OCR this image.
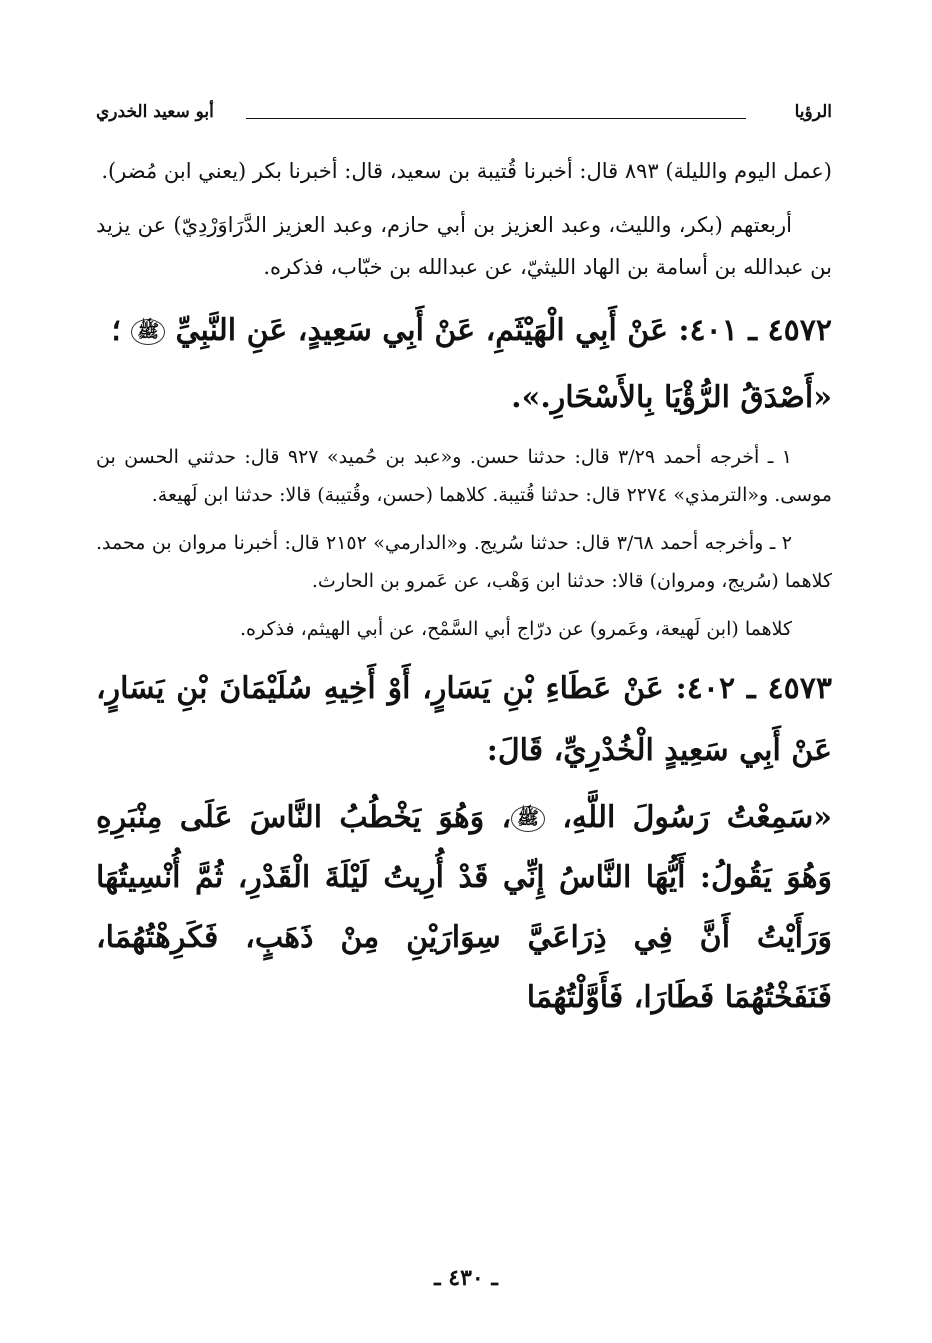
الرؤيا
أبو سعيد الخدري

(عمل اليوم والليلة) ٨٩٣ قال: أخبرنا قُتيبة بن سعيد، قال: أخبرنا بكر (يعني ابن مُضر).

أربعتهم (بكر، والليث، وعبد العزيز بن أبي حازم، وعبد العزيز الدَّرَاوَرْدِيّ) عن يزيد بن عبدالله بن أسامة بن الهاد الليثيّ، عن عبدالله بن خبّاب، فذكره.

٤٥٧٢ ـ ٤٠١: عَنْ أَبِي الْهَيْثَمِ، عَنْ أَبِي سَعِيدٍ، عَنِ النَّبِيِّ ﷺ ؛
«أَصْدَقُ الرُّؤْيَا بِالأَسْحَارِ.».

١ ـ أخرجه أحمد ٣/٢٩ قال: حدثنا حسن. و«عبد بن حُميد» ٩٢٧ قال: حدثني الحسن بن موسى. و«الترمذي» ٢٢٧٤ قال: حدثنا قُتيبة. كلاهما (حسن، وقُتيبة) قالا: حدثنا ابن لَهيعة.

٢ ـ وأخرجه أحمد ٣/٦٨ قال: حدثنا سُريج. و«الدارمي» ٢١٥٢ قال: أخبرنا مروان بن محمد. كلاهما (سُريج، ومروان) قالا: حدثنا ابن وَهْب، عن عَمرو بن الحارث.

كلاهما (ابن لَهيعة، وعَمرو) عن درّاج أبي السَّمْح، عن أبي الهيثم، فذكره.

٤٥٧٣ ـ ٤٠٢: عَنْ عَطَاءِ بْنِ يَسَارٍ، أَوْ أَخِيهِ سُلَيْمَانَ بْنِ يَسَارٍ، عَنْ أَبِي سَعِيدٍ الْخُدْرِيِّ، قَالَ:
«سَمِعْتُ رَسُولَ اللَّهِ، ﷺ، وَهُوَ يَخْطُبُ النَّاسَ عَلَى مِنْبَرِهِ وَهُوَ يَقُولُ: أَيُّهَا النَّاسُ إِنِّي قَدْ أُرِيتُ لَيْلَةَ الْقَدْرِ، ثُمَّ أُنْسِيتُهَا وَرَأَيْتُ أَنَّ فِي ذِرَاعَيَّ سِوَارَيْنِ مِنْ ذَهَبٍ، فَكَرِهْتُهُمَا، فَنَفَخْتُهُمَا فَطَارَا، فَأَوَّلْتُهُمَا
ـ ٤٣٠ ـ
